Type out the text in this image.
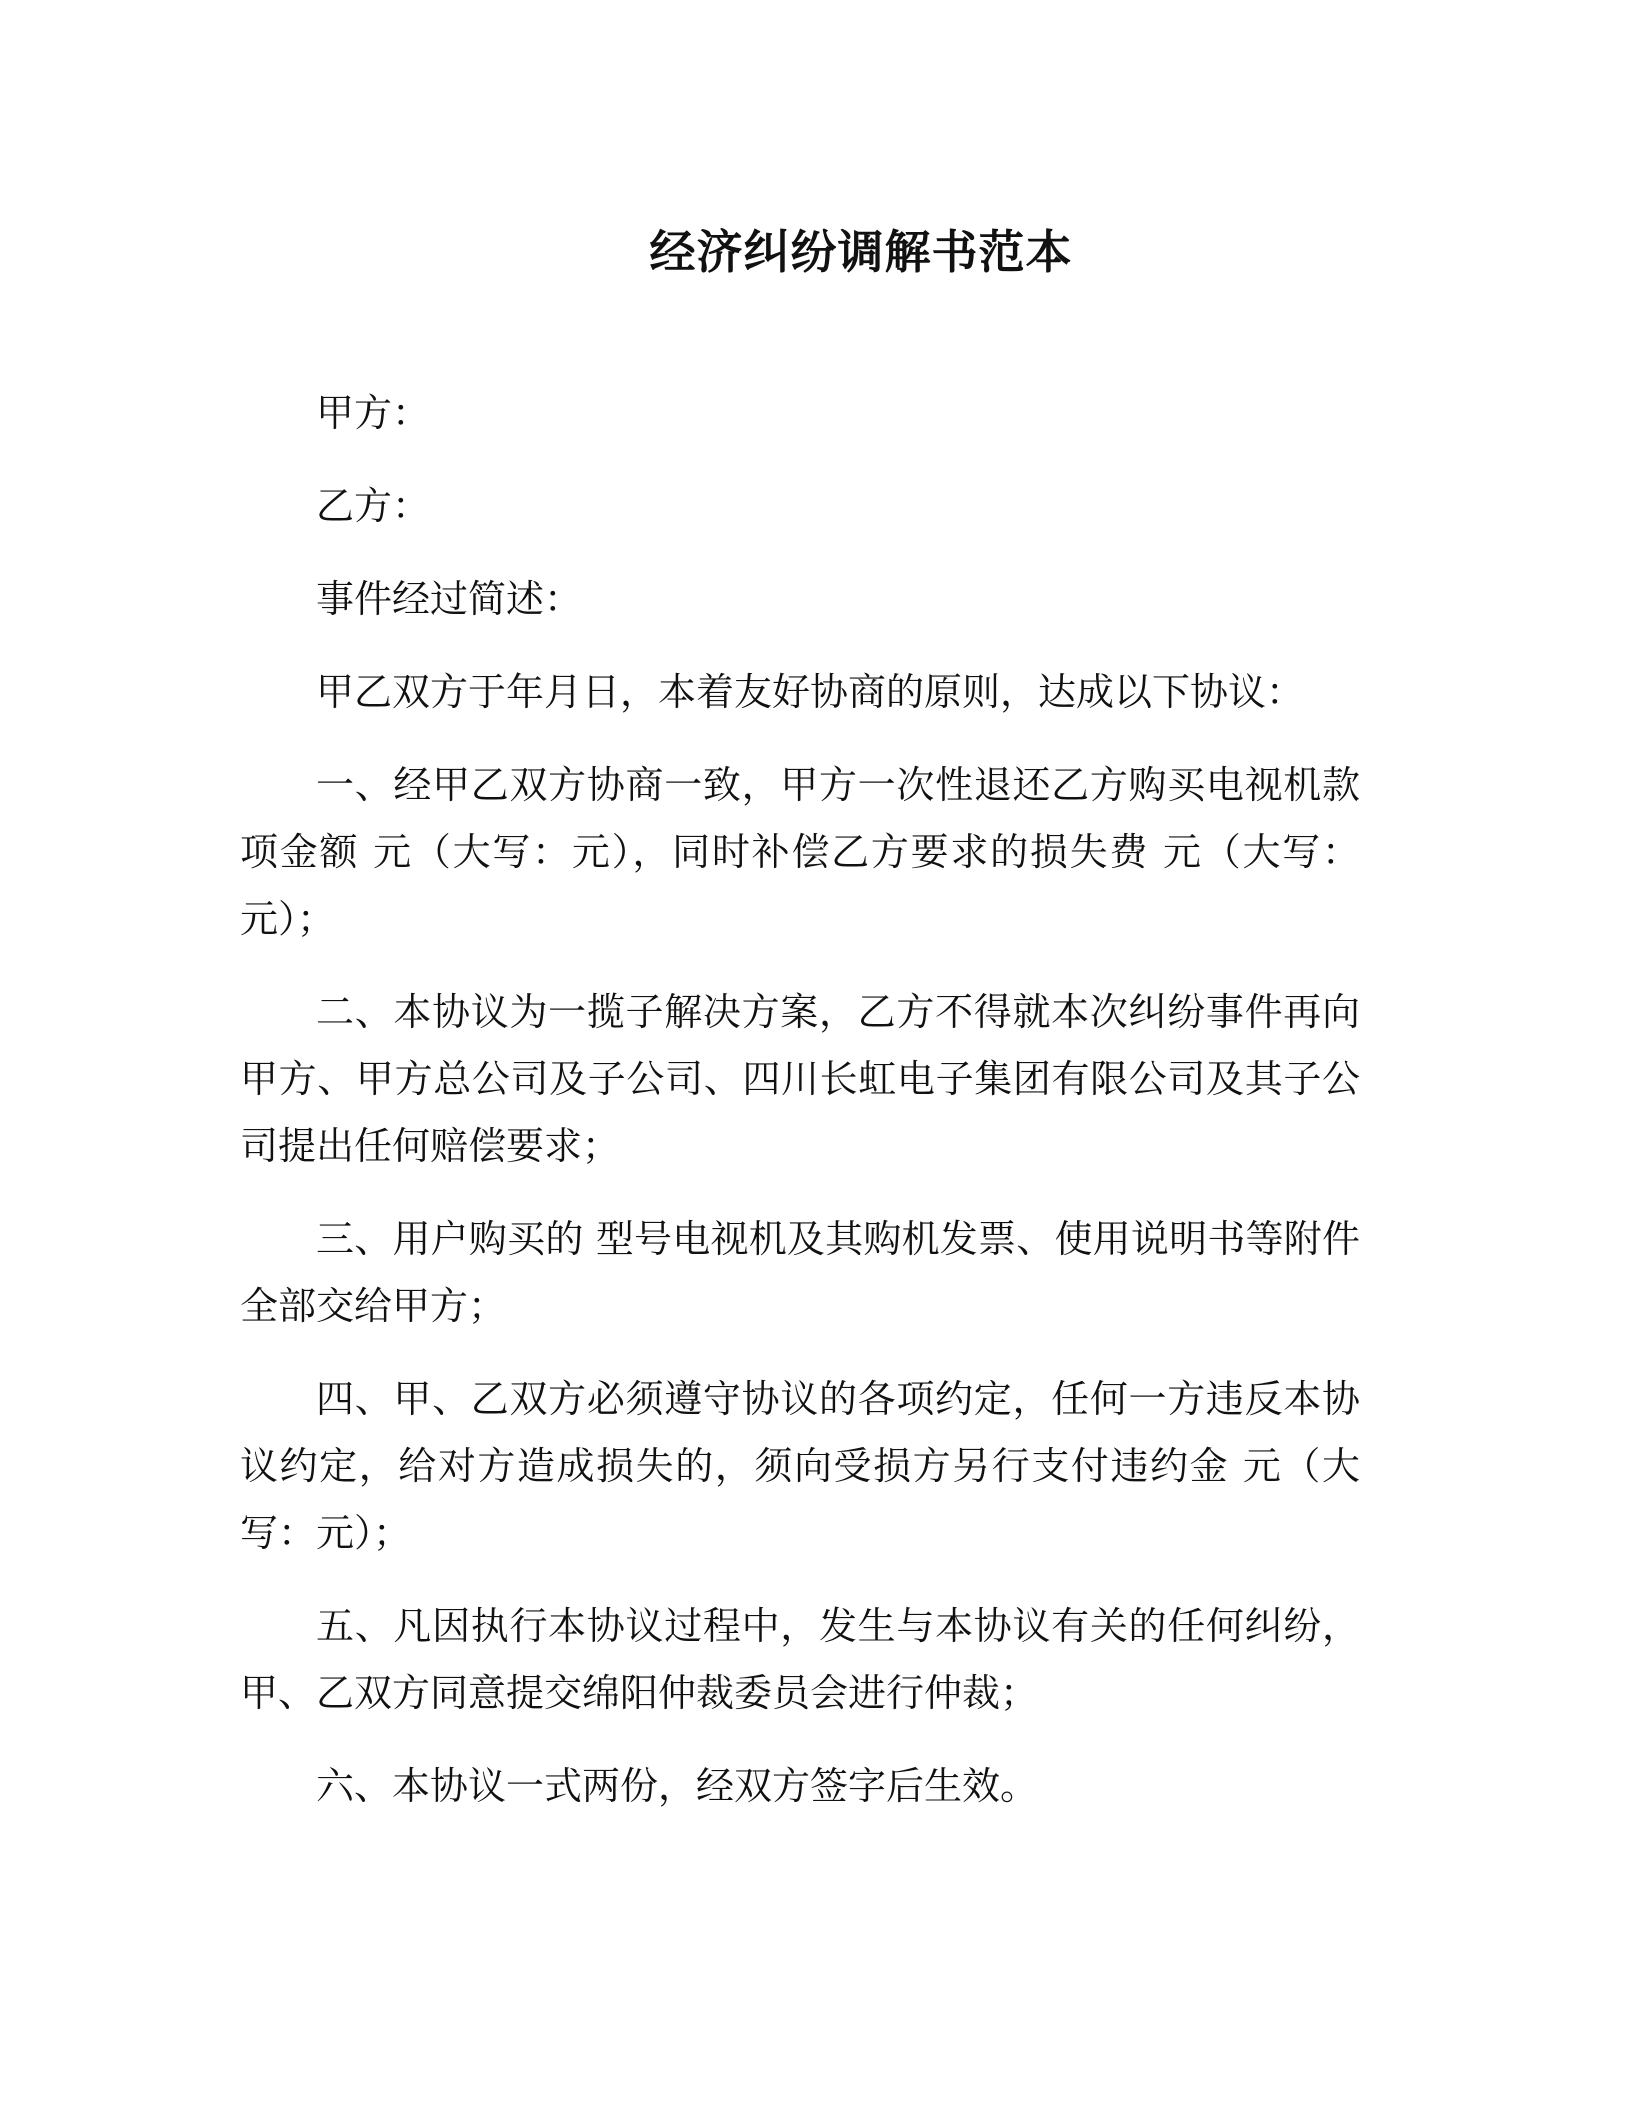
经济纠纷调解书范本

甲方：

乙方：

事件经过简述：

甲乙双方于年月日，本着友好协商的原则，达成以下协议：

一、经甲乙双方协商一致，甲方一次性退还乙方购买电视机款项金额 元（大写：元），同时补偿乙方要求的损失费 元（大写： 元）；

二、本协议为一揽子解决方案，乙方不得就本次纠纷事件再向甲方、甲方总公司及子公司、四川长虹电子集团有限公司及其子公司提出任何赔偿要求；

三、用户购买的 型号电视机及其购机发票、使用说明书等附件全部交给甲方；

四、甲、乙双方必须遵守协议的各项约定，任何一方违反本协议约定，给对方造成损失的，须向受损方另行支付违约金 元（大写：元）；

五、凡因执行本协议过程中，发生与本协议有关的任何纠纷，甲、乙双方同意提交绵阳仲裁委员会进行仲裁；

六、本协议一式两份，经双方签字后生效。
